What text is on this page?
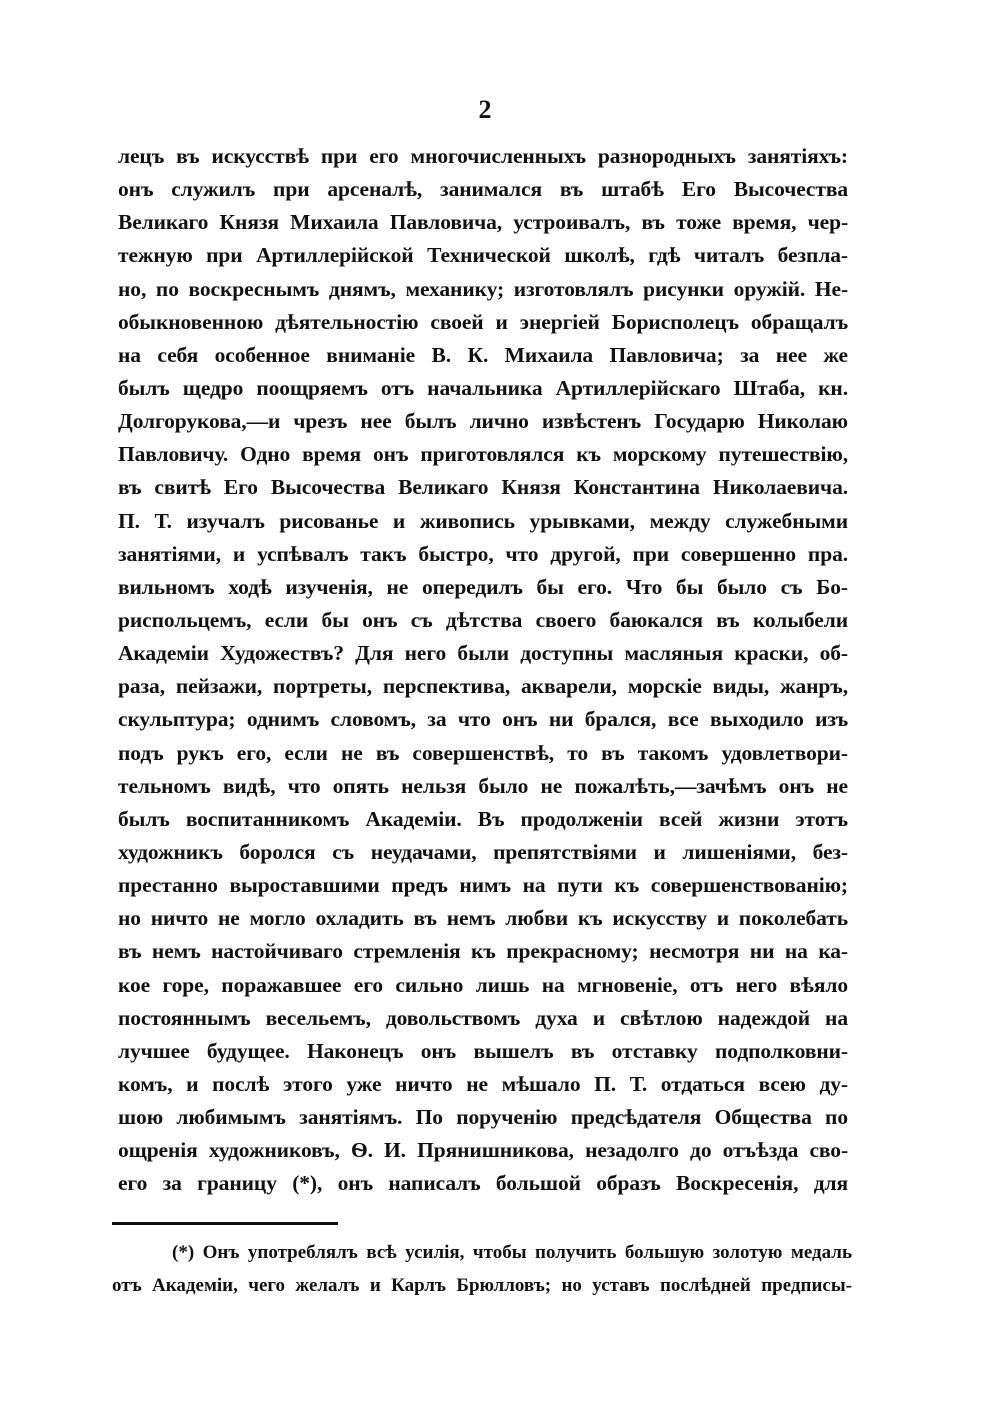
2
лецъ въ искусствѣ при его многочисленныхъ разнородныхъ занятіяхъ:
онъ служилъ при арсеналѣ, занимался въ штабѣ Его Высочества
Великаго Князя Михаила Павловича, устроивалъ, въ тоже время, чер-
тежную при Артиллерійской Технической школѣ, гдѣ читалъ безпла-
но, по воскреснымъ днямъ, механику; изготовлялъ рисунки оружій. Не-
обыкновенною дѣятельностію своей и энергіей Борисполецъ обращалъ
на себя особенное вниманіе В. К. Михаила Павловича; за нее же
былъ щедро поощряемъ отъ начальника Артиллерійскаго Штаба, кн.
Долгорукова,—и чрезъ нее былъ лично извѣстенъ Государю Николаю
Павловичу. Одно время онъ приготовлялся къ морскому путешествію,
въ свитѣ Его Высочества Великаго Князя Константина Николаевича.
П. Т. изучалъ рисованье и живопись урывками, между служебными
занятіями, и успѣвалъ такъ быстро, что другой, при совершенно пра.
вильномъ ходѣ изученія, не опередилъ бы его. Что бы было съ Бо-
риспольцемъ, если бы онъ съ дѣтства своего баюкался въ колыбели
Академіи Художествъ? Для него были доступны масляныя краски, об-
раза, пейзажи, портреты, перспектива, акварели, морскіе виды, жанръ,
скульптура; однимъ словомъ, за что онъ ни брался, все выходило изъ
подъ рукъ его, если не въ совершенствѣ, то въ такомъ удовлетвори-
тельномъ видѣ, что опять нельзя было не пожалѣть,—зачѣмъ онъ не
былъ воспитанникомъ Академіи. Въ продолженіи всей жизни этотъ
художникъ боролся съ неудачами, препятствіями и лишеніями, без-
престанно выроставшими предъ нимъ на пути къ совершенствованію;
но ничто не могло охладить въ немъ любви къ искусству и поколебать
въ немъ настойчиваго стремленія къ прекрасному; несмотря ни на ка-
кое горе, поражавшее его сильно лишь на мгновеніе, отъ него вѣяло
постояннымъ весельемъ, довольствомъ духа и свѣтлою надеждой на
лучшее будущее. Наконецъ онъ вышелъ въ отставку подполковни-
комъ, и послѣ этого уже ничто не мѣшало П. Т. отдаться всею ду-
шою любимымъ занятіямъ. По порученію предсѣдателя Общества по
ощренія художниковъ, Ѳ. И. Прянишникова, незадолго до отъѣзда сво-
его за границу (*), онъ написалъ большой образъ Воскресенія, для
(*) Онъ употреблялъ всѣ усилія, чтобы получить большую золотую медаль
отъ Академіи, чего желалъ и Карлъ Брюлловъ; но уставъ послѣдней предписы-
